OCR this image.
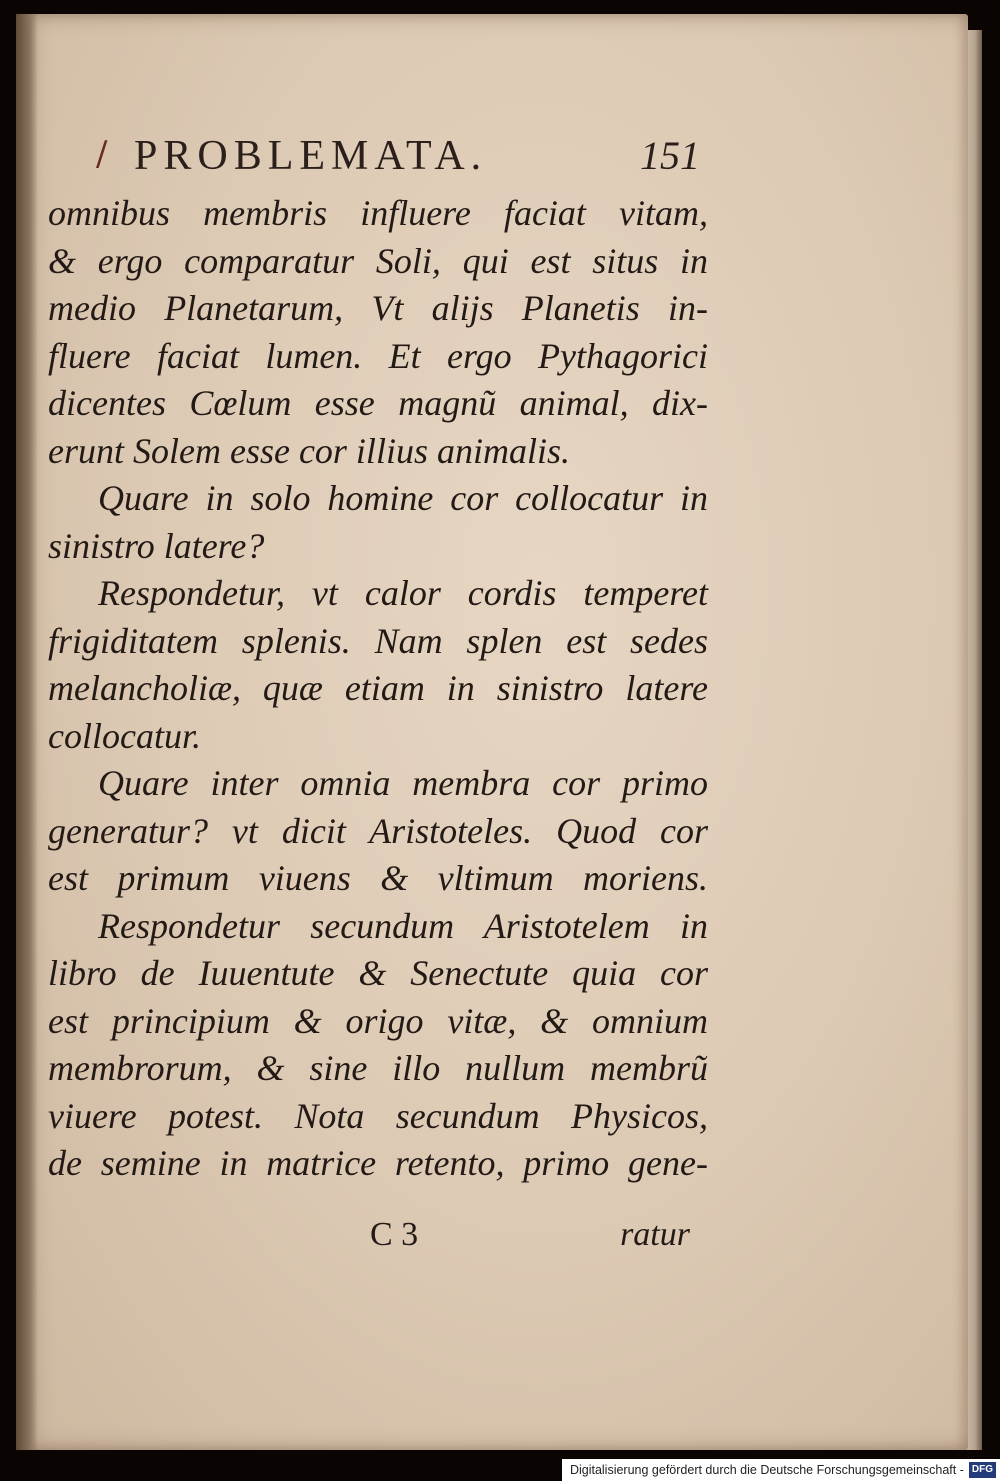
/ PROBLEMATA.	151
omnibus membris influere faciat vitam,
& ergo comparatur Soli, qui est situs in
medio Planetarum, Vt alijs Planetis in-
fluere faciat lumen. Et ergo Pythagorici
dicentes Cœlum esse magnũ animal, dix-
erunt Solem esse cor illius animalis.
Quare in solo homine cor collocatur in
sinistro latere?
Respondetur, vt calor cordis temperet
frigiditatem splenis. Nam splen est sedes
melancholiæ, quæ etiam in sinistro latere
collocatur.
Quare inter omnia membra cor primo
generatur? vt dicit Aristoteles. Quod cor
est primum viuens & vltimum moriens.
Respondetur secundum Aristotelem in
libro de Iuuentute & Senectute quia cor
est principium & origo vitæ, & omnium
membrorum, & sine illo nullum membrũ
viuere potest. Nota secundum Physicos,
de semine in matrice retento, primo gene-
C 3	ratur
Digitalisierung gefördert durch die Deutsche Forschungsgemeinschaft - DFG
